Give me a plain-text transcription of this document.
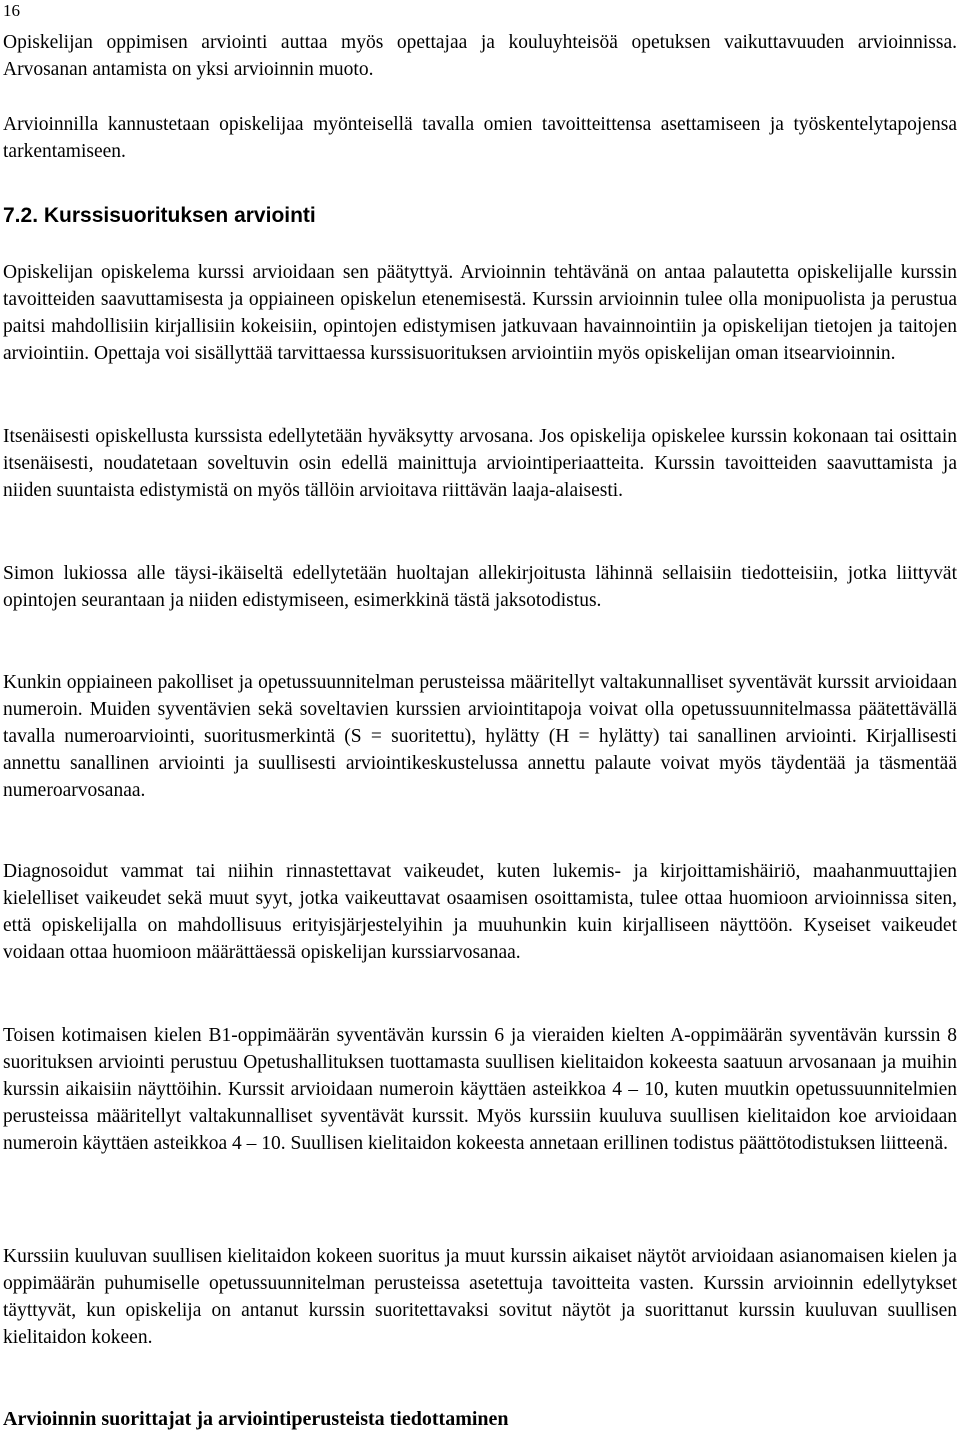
16

Opiskelijan oppimisen arviointi auttaa myös opettajaa ja kouluyhteisöä opetuksen vaikuttavuuden arvioinnissa. Arvosanan antamista on yksi arvioinnin muoto.

Arvioinnilla kannustetaan opiskelijaa myönteisellä tavalla omien tavoitteittensa asettamiseen ja työskentelytapojensa tarkentamiseen.

7.2. Kurssisuorituksen arviointi

Opiskelijan opiskelema kurssi arvioidaan sen päätyttyä. Arvioinnin tehtävänä on antaa palautetta opiskelijalle kurssin tavoitteiden saavuttamisesta ja oppiaineen opiskelun etenemisestä. Kurssin arvioinnin tulee olla monipuolista ja perustua paitsi mahdollisiin kirjallisiin kokeisiin, opintojen edistymisen jatkuvaan havainnointiin ja opiskelijan tietojen ja taitojen arviointiin. Opettaja voi sisällyttää tarvittaessa kurssisuorituksen arviointiin myös opiskelijan oman itsearvioinnin.

Itsenäisesti opiskellusta kurssista edellytetään hyväksytty arvosana. Jos opiskelija opiskelee kurssin kokonaan tai osittain itsenäisesti, noudatetaan soveltuvin osin edellä mainittuja arviointiperiaatteita. Kurssin tavoitteiden saavuttamista ja niiden suuntaista edistymistä on myös tällöin arvioitava riittävän laaja-alaisesti.

Simon lukiossa alle täysi-ikäiseltä edellytetään huoltajan allekirjoitusta lähinnä sellaisiin tiedotteisiin, jotka liittyvät opintojen seurantaan ja niiden edistymiseen, esimerkkinä tästä jaksotodistus.

Kunkin oppiaineen pakolliset ja opetussuunnitelman perusteissa määritellyt valtakunnalliset syventävät kurssit arvioidaan numeroin. Muiden syventävien sekä soveltavien kurssien arviointitapoja voivat olla opetussuunnitelmassa päätettävällä tavalla numeroarviointi, suoritusmerkintä (S = suoritettu), hylätty (H = hylätty) tai sanallinen arviointi. Kirjallisesti annettu sanallinen arviointi ja suullisesti arviointikeskustelussa annettu palaute voivat myös täydentää ja täsmentää numeroarvosanaa.

Diagnosoidut vammat tai niihin rinnastettavat vaikeudet, kuten lukemis- ja kirjoittamishäiriö, maahanmuuttajien kielelliset vaikeudet sekä muut syyt, jotka vaikeuttavat osaamisen osoittamista, tulee ottaa huomioon arvioinnissa siten, että opiskelijalla on mahdollisuus erityisjärjestelyihin ja muuhunkin kuin kirjalliseen näyttöön. Kyseiset vaikeudet voidaan ottaa huomioon määrättäessä opiskelijan kurssiarvosanaa.

Toisen kotimaisen kielen B1-oppimäärän syventävän kurssin 6 ja vieraiden kielten A-oppimäärän syventävän kurssin 8 suorituksen arviointi perustuu Opetushallituksen tuottamasta suullisen kielitaidon kokeesta saatuun arvosanaan ja muihin kurssin aikaisiin näyttöihin. Kurssit arvioidaan numeroin käyttäen asteikkoa 4 – 10, kuten muutkin opetussuunnitelmien perusteissa määritellyt valtakunnalliset syventävät kurssit. Myös kurssiin kuuluva suullisen kielitaidon koe arvioidaan numeroin käyttäen asteikkoa 4 – 10. Suullisen kielitaidon kokeesta annetaan erillinen todistus päättötodistuksen liitteenä.

Kurssiin kuuluvan suullisen kielitaidon kokeen suoritus ja muut kurssin aikaiset näytöt arvioidaan asianomaisen kielen ja oppimäärän puhumiselle opetussuunnitelman perusteissa asetettuja tavoitteita vasten. Kurssin arvioinnin edellytykset täyttyvät, kun opiskelija on antanut kurssin suoritettavaksi sovitut näytöt ja suorittanut kurssin kuuluvan suullisen kielitaidon kokeen.

Arvioinnin suorittajat ja arviointiperusteista tiedottaminen
